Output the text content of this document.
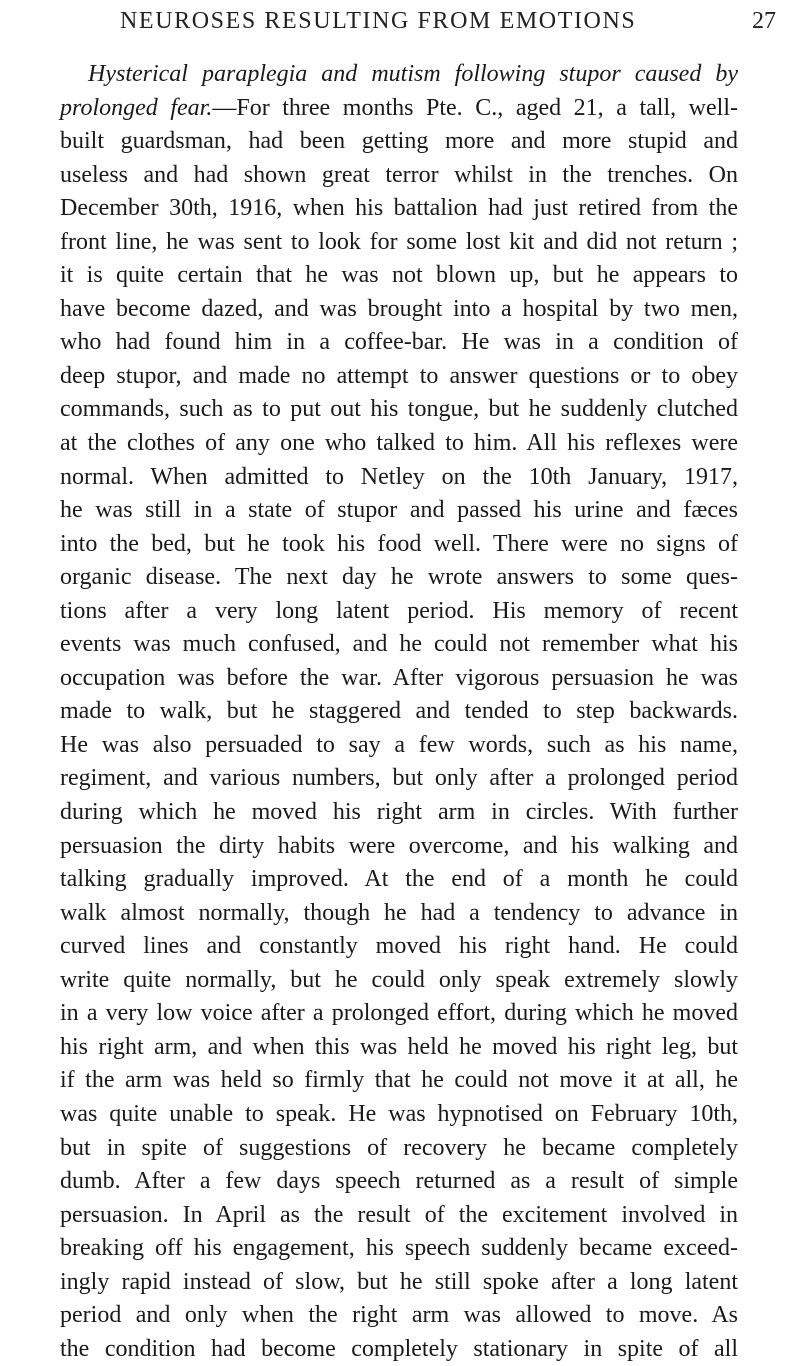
NEUROSES RESULTING FROM EMOTIONS	27
Hysterical paraplegia and mutism following stupor caused by
prolonged fear.—For three months Pte. C., aged 21, a tall, well-
built guardsman, had been getting more and more stupid and
useless and had shown great terror whilst in the trenches. On
December 30th, 1916, when his battalion had just retired from the
front line, he was sent to look for some lost kit and did not return ;
it is quite certain that he was not blown up, but he appears to
have become dazed, and was brought into a hospital by two men,
who had found him in a coffee-bar. He was in a condition of
deep stupor, and made no attempt to answer questions or to obey
commands, such as to put out his tongue, but he suddenly clutched
at the clothes of any one who talked to him. All his reflexes were
normal. When admitted to Netley on the 10th January, 1917,
he was still in a state of stupor and passed his urine and fæces
into the bed, but he took his food well. There were no signs of
organic disease. The next day he wrote answers to some ques-
tions after a very long latent period. His memory of recent
events was much confused, and he could not remember what his
occupation was before the war. After vigorous persuasion he was
made to walk, but he staggered and tended to step backwards.
He was also persuaded to say a few words, such as his name,
regiment, and various numbers, but only after a prolonged period
during which he moved his right arm in circles. With further
persuasion the dirty habits were overcome, and his walking and
talking gradually improved. At the end of a month he could
walk almost normally, though he had a tendency to advance in
curved lines and constantly moved his right hand. He could
write quite normally, but he could only speak extremely slowly
in a very low voice after a prolonged effort, during which he moved
his right arm, and when this was held he moved his right leg, but
if the arm was held so firmly that he could not move it at all, he
was quite unable to speak. He was hypnotised on February 10th,
but in spite of suggestions of recovery he became completely
dumb. After a few days speech returned as a result of simple
persuasion. In April as the result of the excitement involved in
breaking off his engagement, his speech suddenly became exceed-
ingly rapid instead of slow, but he still spoke after a long latent
period and only when the right arm was allowed to move. As
the condition had become completely stationary in spite of all
